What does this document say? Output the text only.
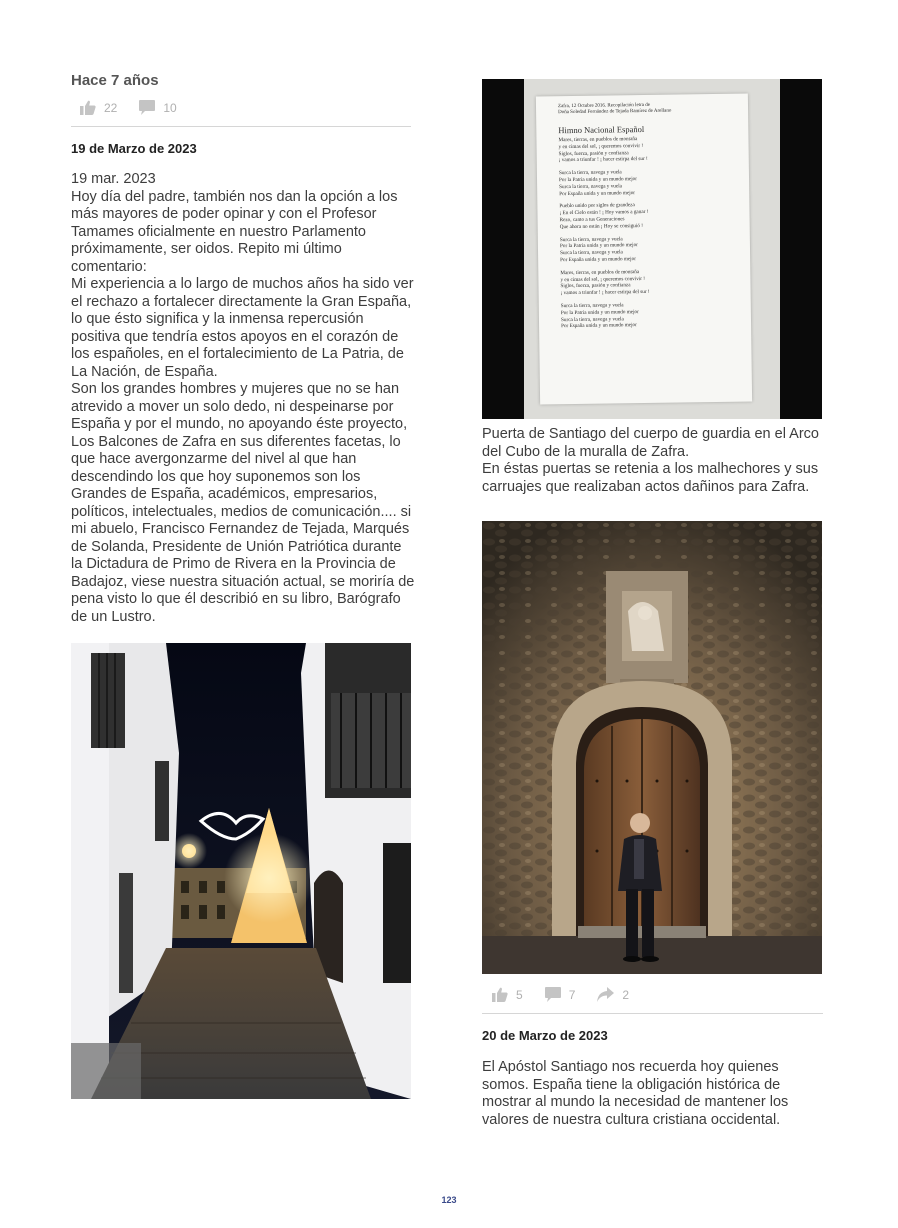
Hace 7 años
22	10
19 de Marzo de 2023

19 mar. 2023

Hoy día del padre, también nos dan la opción a los más mayores de poder opinar y con el Profesor Tamames oficialmente en nuestro Parlamento próximamente, ser oidos. Repito mi último comentario:

Mi experiencia a lo largo de muchos años ha sido ver el rechazo a fortalecer directamente la Gran España, lo que ésto significa y la inmensa repercusión positiva que tendría estos apoyos en el corazón de los españoles, en el fortalecimiento de La Patria, de La Nación, de España.

Son los grandes hombres y mujeres que no se han atrevido a mover un solo dedo, ni despeinarse por España y por el mundo, no apoyando éste proyecto, Los Balcones de Zafra en sus diferentes facetas, lo que hace avergonzarme del nivel al que han descendindo los que hoy suponemos son los Grandes de España, académicos, empresarios, políticos, intelectuales, medios de comunicación.... si mi abuelo, Francisco Fernandez de Tejada, Marqués de Solanda, Presidente de Unión Patriótica durante la Dictadura de Primo de Rivera en la Provincia de Badajoz, viese nuestra situación actual, se moriría de pena visto lo que él describió en su libro, Barógrafo de un Lustro.

Zafra, 12 Octubre 2016. Recopilación letra de
Doña Soledad Fernández de Tejada Ramírez de Arellano
Himno Nacional Español
Mares, tierras, en pueblos de montaña
y en cimas del sol, ¡ queremos convivir !
Siglos, fuerza, pasión y confianza
¡ vamos a triunfar ! ¡ hacer estirpa del sur !
Surca la tierra, navega y vuela
Por la Patria unida y un mundo mejor
Surca la tierra, navega y vuela
Por España unida y un mundo mejor
Pueblo unido por siglos de grandeza
¡ En el Cielo están ! ¡ Hoy vamos a ganar !
Rezo, canto a tus Generaciones
Que ahora no están ¡ Hoy se consiguió !
Surca la tierra, navega y vuela
Por la Patria unida y un mundo mejor
Surca la tierra, navega y vuela
Por España unida y un mundo mejor
Mares, tierras, en pueblos de montaña
y en cimas del sol, ¡ queremos convivir !
Siglos, fuerza, pasión y confianza
¡ vamos a triunfar ! ¡ hacer estirpa del sur !
Surca la tierra, navega y vuela
Por la Patria unida y un mundo mejor
Surca la tierra, navega y vuela
Por España unida y un mundo mejor

Puerta de Santiago del cuerpo de guardia en el Arco del Cubo de la muralla de Zafra.

En éstas puertas se retenia a los malhechores y sus carruajes que realizaban actos dañinos para Zafra.

5	7	2
20 de Marzo de 2023

El Apóstol Santiago nos recuerda hoy quienes somos. España tiene la obligación histórica de mostrar al mundo la necesidad de mantener los valores de nuestra cultura cristiana occidental.

123
